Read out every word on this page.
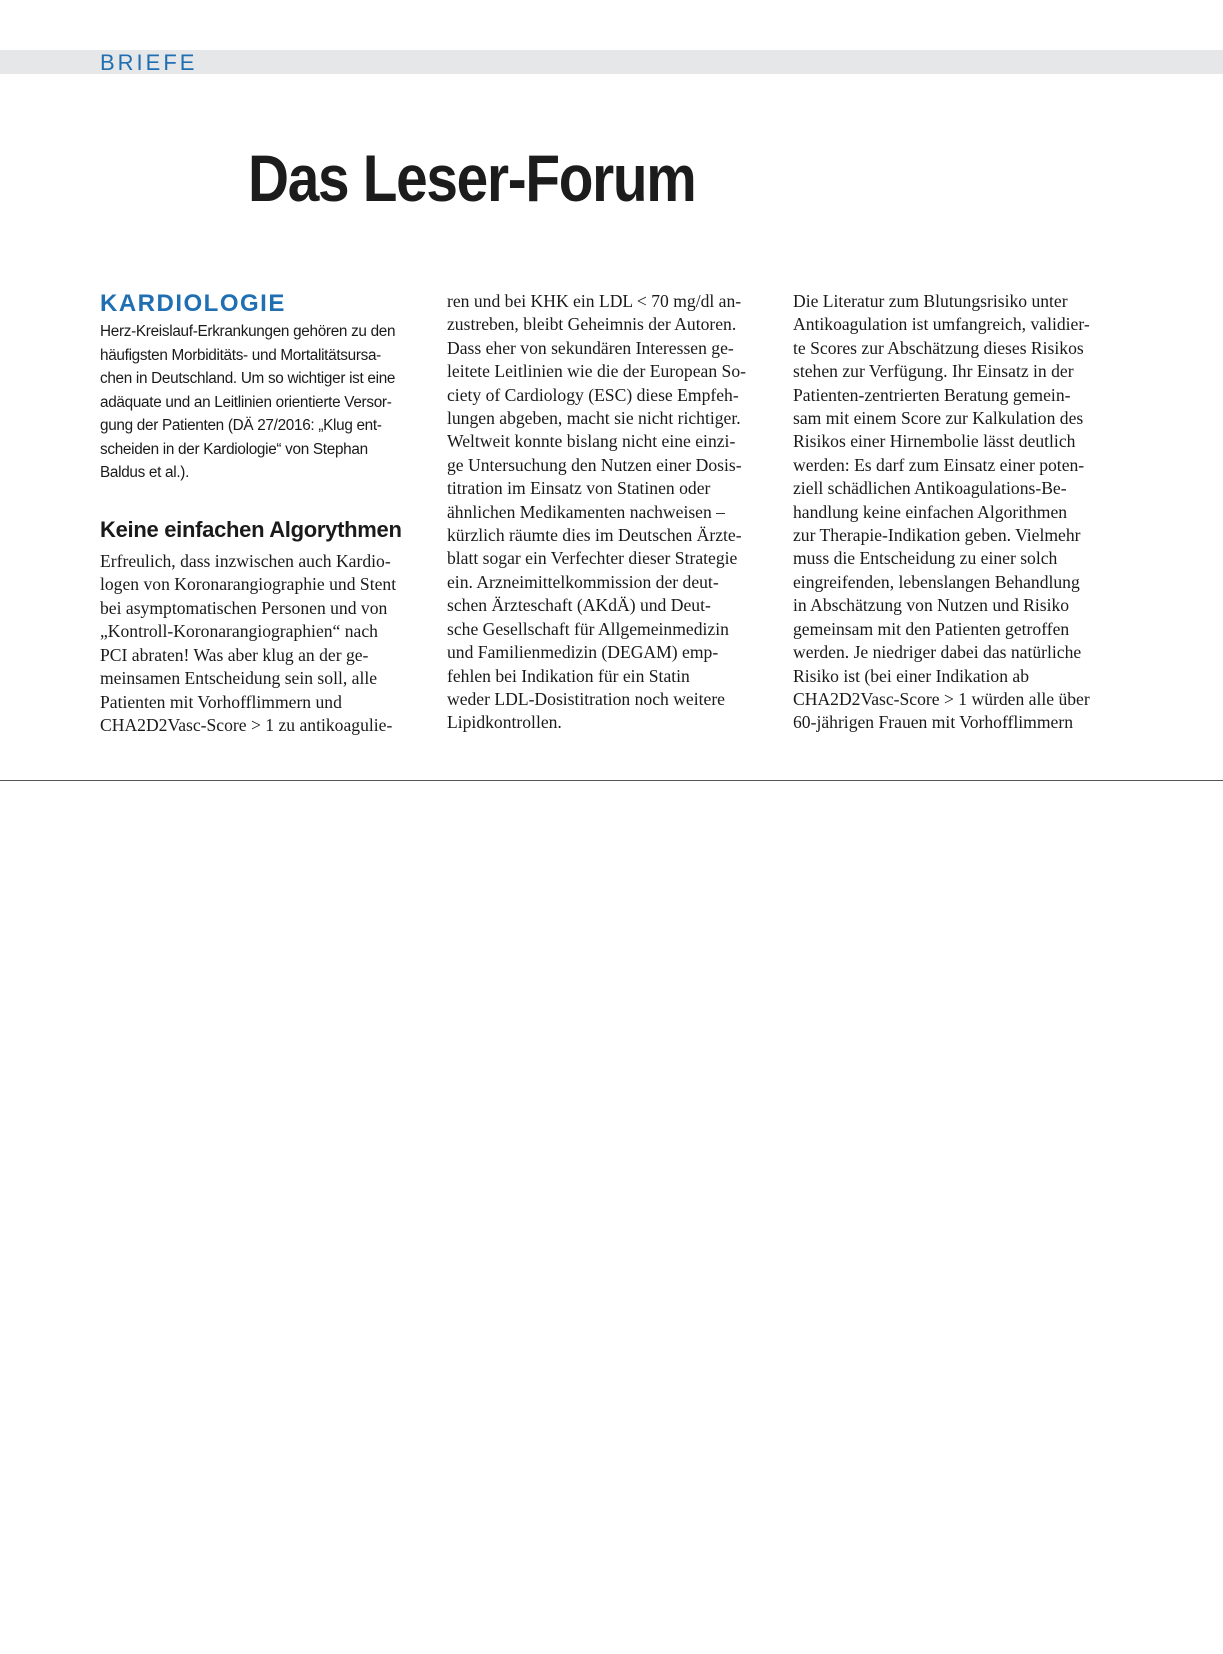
BRIEFE
Das Leser-Forum
KARDIOLOGIE
Herz-Kreislauf-Erkrankungen gehören zu den
häufigsten Morbiditäts- und Mortalitätsursa-
chen in Deutschland. Um so wichtiger ist eine
adäquate und an Leitlinien orientierte Versor-
gung der Patienten (DÄ 27/2016: „Klug ent-
scheiden in der Kardiologie“ von Stephan
Baldus et al.).
Keine einfachen Algorythmen
Erfreulich, dass inzwischen auch Kardio-
logen von Koronarangiographie und Stent
bei asymptomatischen Personen und von
„Kontroll-Koronarangiographien“ nach
PCI abraten! Was aber klug an der ge-
meinsamen Entscheidung sein soll, alle
Patienten mit Vorhofflimmern und
CHA2D2Vasc-Score > 1 zu antikoagulie-
ren und bei KHK ein LDL < 70 mg/dl an-
zustreben, bleibt Geheimnis der Autoren.
Dass eher von sekundären Interessen ge-
leitete Leitlinien wie die der European So-
ciety of Cardiology (ESC) diese Empfeh-
lungen abgeben, macht sie nicht richtiger.
Weltweit konnte bislang nicht eine einzi-
ge Untersuchung den Nutzen einer Dosis-
titration im Einsatz von Statinen oder
ähnlichen Medikamenten nachweisen –
kürzlich räumte dies im Deutschen Ärzte-
blatt sogar ein Verfechter dieser Strategie
ein. Arzneimittelkommission der deut-
schen Ärzteschaft (AKdÄ) und Deut-
sche Gesellschaft für Allgemeinmedizin
und Familienmedizin (DEGAM) emp-
fehlen bei Indikation für ein Statin
weder LDL-Dosistitration noch weitere
Lipidkontrollen.
Die Literatur zum Blutungsrisiko unter
Antikoagulation ist umfangreich, validier-
te Scores zur Abschätzung dieses Risikos
stehen zur Verfügung. Ihr Einsatz in der
Patienten-zentrierten Beratung gemein-
sam mit einem Score zur Kalkulation des
Risikos einer Hirnembolie lässt deutlich
werden: Es darf zum Einsatz einer poten-
ziell schädlichen Antikoagulations-Be-
handlung keine einfachen Algorithmen
zur Therapie-Indikation geben. Vielmehr
muss die Entscheidung zu einer solch
eingreifenden, lebenslangen Behandlung
in Abschätzung von Nutzen und Risiko
gemeinsam mit den Patienten getroffen
werden. Je niedriger dabei das natürliche
Risiko ist (bei einer Indikation ab
CHA2D2Vasc-Score > 1 würden alle über
60-jährigen Frauen mit Vorhofflimmern
